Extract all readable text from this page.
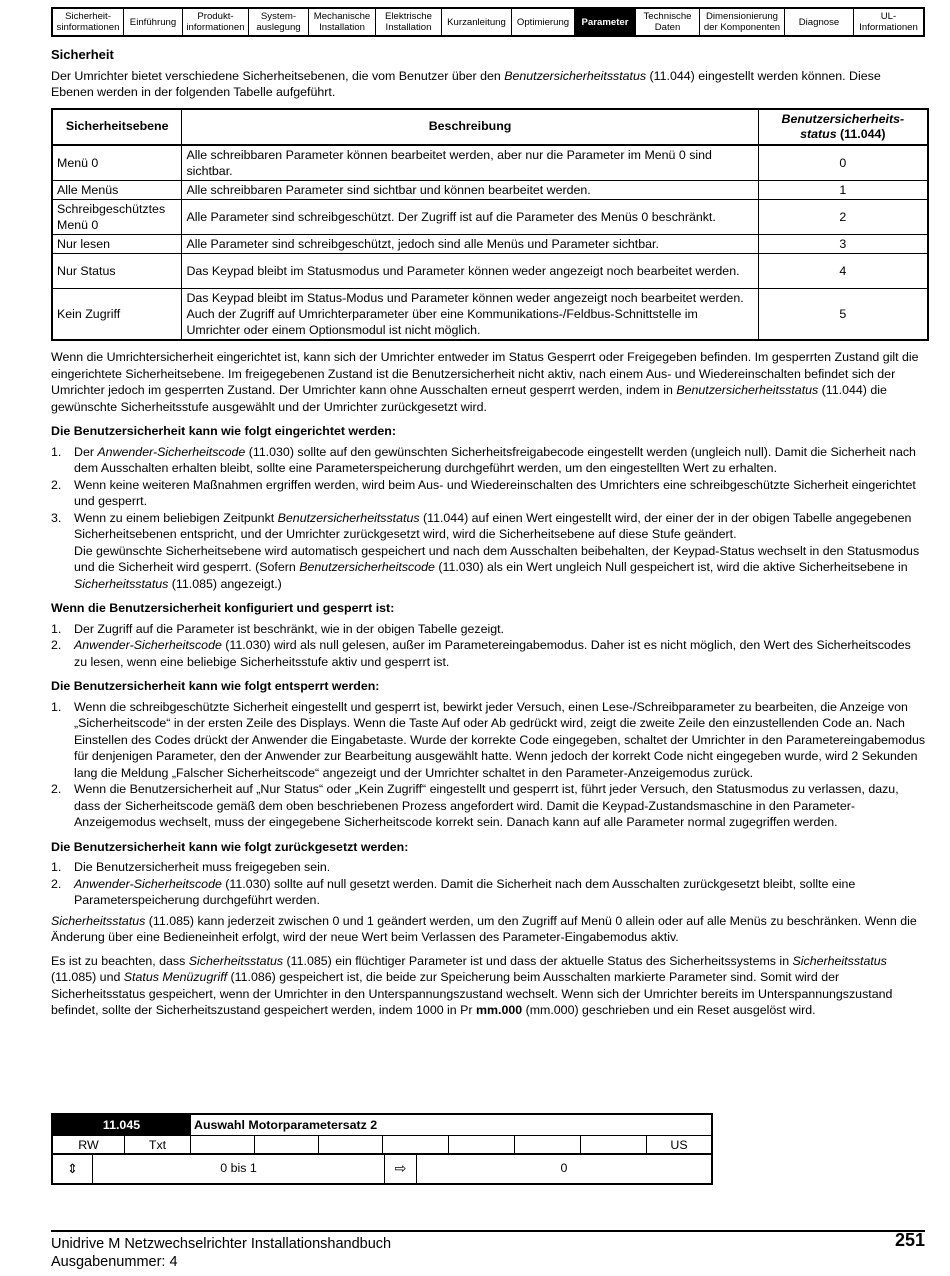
Sicherheit-
sinformationen	Einführung	Produkt-
informationen
System-
auslegung
Mechanische
Installation
Elektrische
Installation	Kurzanleitung	Optimierung	Parameter	Technische
Daten
Dimensionierung
der Komponenten	Diagnose	UL-
Informationen
Sicherheit

Der Umrichter bietet verschiedene Sicherheitsebenen, die vom Benutzer über den Benutzersicherheitsstatus (11.044) eingestellt werden können. Diese Ebenen werden in der folgenden Tabelle aufgeführt.

Sicherheitsebene	Beschreibung	Benutzersicherheits-
status (11.044)
Menü 0	Alle schreibbaren Parameter können bearbeitet werden, aber nur die Parameter im Menü 0 sind sichtbar.	0
Alle Menüs	Alle schreibbaren Parameter sind sichtbar und können bearbeitet werden.	1
Schreibgeschütztes Menü 0	Alle Parameter sind schreibgeschützt. Der Zugriff ist auf die Parameter des Menüs 0 beschränkt.	2
Nur lesen	Alle Parameter sind schreibgeschützt, jedoch sind alle Menüs und Parameter sichtbar.	3
Nur Status	Das Keypad bleibt im Statusmodus und Parameter können weder angezeigt noch bearbeitet werden.	4
Kein Zugriff	Das Keypad bleibt im Status-Modus und Parameter können weder angezeigt noch bearbeitet werden. Auch der Zugriff auf Umrichterparameter über eine Kommunikations-/Feldbus-Schnittstelle im Umrichter oder einem Optionsmodul ist nicht möglich.	5

Wenn die Umrichtersicherheit eingerichtet ist, kann sich der Umrichter entweder im Status Gesperrt oder Freigegeben befinden. Im gesperrten Zustand gilt die eingerichtete Sicherheitsebene. Im freigegebenen Zustand ist die Benutzersicherheit nicht aktiv, nach einem Aus- und Wiedereinschalten befindet sich der Umrichter jedoch im gesperrten Zustand. Der Umrichter kann ohne Ausschalten erneut gesperrt werden, indem in Benutzersicherheitsstatus (11.044) die gewünschte Sicherheitsstufe ausgewählt und der Umrichter zurückgesetzt wird.

Die Benutzersicherheit kann wie folgt eingerichtet werden:
1.	Der Anwender-Sicherheitscode (11.030) sollte auf den gewünschten Sicherheitsfreigabecode eingestellt werden (ungleich null). Damit die Sicherheit nach dem Ausschalten erhalten bleibt, sollte eine Parameterspeicherung durchgeführt werden, um den eingestellten Wert zu erhalten.
2.	Wenn keine weiteren Maßnahmen ergriffen werden, wird beim Aus- und Wiedereinschalten des Umrichters eine schreibgeschützte Sicherheit eingerichtet und gesperrt.
3.	Wenn zu einem beliebigen Zeitpunkt Benutzersicherheitsstatus (11.044) auf einen Wert eingestellt wird, der einer der in der obigen Tabelle angegebenen Sicherheitsebenen entspricht, und der Umrichter zurückgesetzt wird, wird die Sicherheitsebene auf diese Stufe geändert.
Die gewünschte Sicherheitsebene wird automatisch gespeichert und nach dem Ausschalten beibehalten, der Keypad-Status wechselt in den Statusmodus und die Sicherheit wird gesperrt. (Sofern Benutzersicherheitscode (11.030) als ein Wert ungleich Null gespeichert ist, wird die aktive Sicherheitsebene in Sicherheitsstatus (11.085) angezeigt.)
Wenn die Benutzersicherheit konfiguriert und gesperrt ist:
1.	Der Zugriff auf die Parameter ist beschränkt, wie in der obigen Tabelle gezeigt.
2.	Anwender-Sicherheitscode (11.030) wird als null gelesen, außer im Parametereingabemodus. Daher ist es nicht möglich, den Wert des Sicherheitscodes zu lesen, wenn eine beliebige Sicherheitsstufe aktiv und gesperrt ist.
Die Benutzersicherheit kann wie folgt entsperrt werden:
1.	Wenn die schreibgeschützte Sicherheit eingestellt und gesperrt ist, bewirkt jeder Versuch, einen Lese-/Schreibparameter zu bearbeiten, die Anzeige von „Sicherheitscode“ in der ersten Zeile des Displays. Wenn die Taste Auf oder Ab gedrückt wird, zeigt die zweite Zeile den einzustellenden Code an. Nach Einstellen des Codes drückt der Anwender die Eingabetaste. Wurde der korrekte Code eingegeben, schaltet der Umrichter in den Parametereingabemodus für denjenigen Parameter, den der Anwender zur Bearbeitung ausgewählt hatte. Wenn jedoch der korrekt Code nicht eingegeben wurde, wird 2 Sekunden lang die Meldung „Falscher Sicherheitscode“ angezeigt und der Umrichter schaltet in den Parameter-Anzeigemodus zurück.
2.	Wenn die Benutzersicherheit auf „Nur Status“ oder „Kein Zugriff“ eingestellt und gesperrt ist, führt jeder Versuch, den Statusmodus zu verlassen, dazu, dass der Sicherheitscode gemäß dem oben beschriebenen Prozess angefordert wird. Damit die Keypad-Zustandsmaschine in den Parameter-Anzeigemodus wechselt, muss der eingegebene Sicherheitscode korrekt sein. Danach kann auf alle Parameter normal zugegriffen werden.
Die Benutzersicherheit kann wie folgt zurückgesetzt werden:
1.	Die Benutzersicherheit muss freigegeben sein.
2.	Anwender-Sicherheitscode (11.030) sollte auf null gesetzt werden. Damit die Sicherheit nach dem Ausschalten zurückgesetzt bleibt, sollte eine Parameterspeicherung durchgeführt werden.

Sicherheitsstatus (11.085) kann jederzeit zwischen 0 und 1 geändert werden, um den Zugriff auf Menü 0 allein oder auf alle Menüs zu beschränken. Wenn die Änderung über eine Bedieneinheit erfolgt, wird der neue Wert beim Verlassen des Parameter-Eingabemodus aktiv.

Es ist zu beachten, dass Sicherheitsstatus (11.085) ein flüchtiger Parameter ist und dass der aktuelle Status des Sicherheitssystems in Sicherheitsstatus (11.085) und Status Menüzugriff (11.086) gespeichert ist, die beide zur Speicherung beim Ausschalten markierte Parameter sind. Somit wird der Sicherheitsstatus gespeichert, wenn der Umrichter in den Unterspannungszustand wechselt. Wenn sich der Umrichter bereits im Unterspannungszustand befindet, sollte der Sicherheitszustand gespeichert werden, indem 1000 in Pr mm.000 (mm.000) geschrieben und ein Reset ausgelöst wird.

11.045	Auswahl Motorparametersatz 2
RW	Txt	US
⇕	0 bis 1	⇨	0
Unidrive M Netzwechselrichter Installationshandbuch
Ausgabenummer: 4
251
